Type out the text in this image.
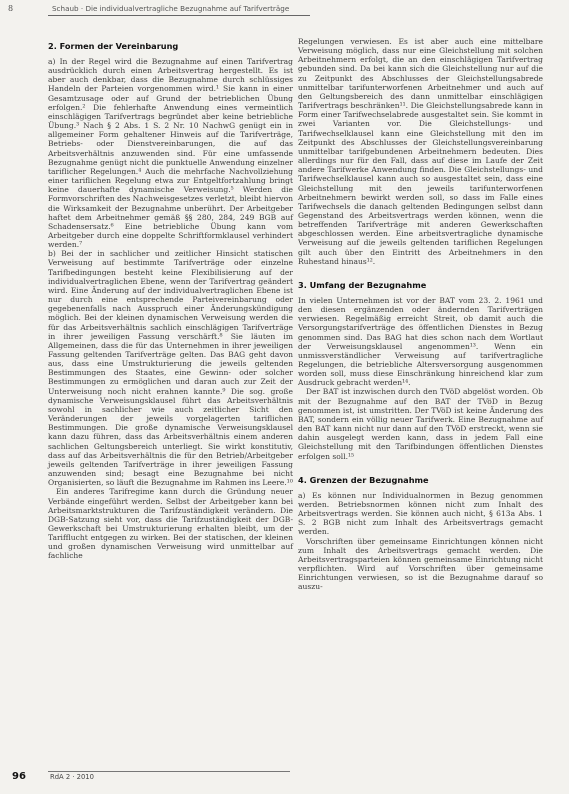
8	Schaub · Die individualvertragliche Bezugnahme auf Tarifverträge
2. Formen der Vereinbarung

a) In der Regel wird die Bezugnahme auf einen Tarifvertrag ausdrücklich durch einen Arbeitsvertrag hergestellt. Es ist aber auch denkbar, dass die Bezugnahme durch schlüssiges Handeln der Parteien vorgenommen wird.¹ Sie kann in einer Gesamtzusage oder auf Grund der betrieblichen Übung erfolgen.² Die fehlerhafte Anwendung eines vermeintlich einschlägigen Tarifvertrags begründet aber keine betriebliche Übung.³ Nach § 2 Abs. 1 S. 2 Nr. 10 NachwG genügt ein in allgemeiner Form gehaltener Hinweis auf die Tarifverträge, Betriebs- oder Dienstvereinbarungen, die auf das Arbeitsverhältnis anzuwenden sind. Für eine umfassende Bezugnahme genügt nicht die punktuelle Anwendung einzelner tariflicher Regelungen.⁴ Auch die mehrfache Nachvollziehung einer tariflichen Regelung etwa zur Entgeltfortzahlung bringt keine dauerhafte dynamische Verweisung.⁵ Werden die Formvorschriften des Nachweisgesetzes verletzt, bleibt hiervon die Wirksamkeit der Bezugnahme unberührt. Der Arbeitgeber haftet dem Arbeitnehmer gemäß §§ 280, 284, 249 BGB auf Schadensersatz.⁶ Eine betriebliche Übung kann vom Arbeitgeber durch eine doppelte Schriftformklausel verhindert werden.⁷

b) Bei der in sachlicher und zeitlicher Hinsicht statischen Verweisung auf bestimmte Tarifverträge oder einzelne Tarifbedingungen besteht keine Flexibilisierung auf der individualvertraglichen Ebene, wenn der Tarifvertrag geändert wird. Eine Änderung auf der individualvertraglichen Ebene ist nur durch eine entsprechende Parteivereinbarung oder gegebenenfalls nach Ausspruch einer Änderungskündigung möglich. Bei der kleinen dynamischen Verweisung werden die für das Arbeitsverhältnis sachlich einschlägigen Tarifverträge in ihrer jeweiligen Fassung verschärft.⁸ Sie läuten im Allgemeinen, dass die für das Unternehmen in ihrer jeweiligen Fassung geltenden Tarifverträge gelten. Das BAG geht davon aus, dass eine Umstrukturierung die jeweils geltenden Bestimmungen des Staates, eine Gewinn- oder solcher Bestimmungen zu ermöglichen und daran auch zur Zeit der Unterweisung noch nicht erahnen kannte.⁹ Die sog. große dynamische Verweisungsklausel führt das Arbeitsverhältnis sowohl in sachlicher wie auch zeitlicher Sicht den Veränderungen der jeweils vorgelagerten tariflichen Bestimmungen. Die große dynamische Verweisungsklausel kann dazu führen, dass das Arbeitsverhältnis einem anderen sachlichen Geltungsbereich unterliegt. Sie wirkt konstitutiv, dass auf das Arbeitsverhältnis die für den Betrieb/Arbeitgeber jeweils geltenden Tarifverträge in ihrer jeweiligen Fassung anzuwenden sind; besagt eine Bezugnahme bei nicht Organisierten, so läuft die Bezugnahme im Rahmen ins Leere.¹⁰

Ein anderes Tarifregime kann durch die Gründung neuer Verbände eingeführt werden. Selbst der Arbeitgeber kann bei Arbeitsmarktstrukturen die Tarifzuständigkeit verändern. Die DGB-Satzung sieht vor, dass die Tarifzuständigkeit der DGB-Gewerkschaft bei Umstrukturierung erhalten bleibt, um der Tarifflucht entgegen zu wirken. Bei der statischen, der kleinen und großen dynamischen Verweisung wird unmittelbar auf fachliche

Regelungen verwiesen. Es ist aber auch eine mittelbare Verweisung möglich, dass nur eine Gleichstellung mit solchen Arbeitnehmern erfolgt, die an den einschlägigen Tarifvertrag gebunden sind. Da bei kann sich die Gleichstellung nur auf die zu Zeitpunkt des Abschlusses der Gleichstellungsabrede unmittelbar tarifunterworfenen Arbeitnehmer und auch auf den Geltungsbereich des dann unmittelbar einschlägigen Tarifvertrags beschränken¹¹. Die Gleichstellungsabrede kann in Form einer Tarifwechselabrede ausgestaltet sein. Sie kommt in zwei Varianten vor. Die Gleichstellungs- und Tarifwechselklausel kann eine Gleichstellung mit den im Zeitpunkt des Abschlusses der Gleichstellungsvereinbarung unmittelbar tarifgebundenen Arbeitnehmern bedeuten. Dies allerdings nur für den Fall, dass auf diese im Laufe der Zeit andere Tarifwerke Anwendung finden. Die Gleichstellungs- und Tarifwechselklausel kann auch so ausgestaltet sein, dass eine Gleichstellung mit den jeweils tarifunterworfenen Arbeitnehmern bewirkt werden soll, so dass im Falle eines Tarifwechsels die danach geltenden Bedingungen selbst dann Gegenstand des Arbeitsvertrags werden können, wenn die betreffenden Tarifverträge mit anderen Gewerkschaften abgeschlossen werden. Eine arbeitsvertragliche dynamische Verweisung auf die jeweils geltenden tariflichen Regelungen gilt auch über den Eintritt des Arbeitnehmers in den Ruhestand hinaus¹².

3. Umfang der Bezugnahme

In vielen Unternehmen ist vor der BAT vom 23. 2. 1961 und den diesen ergänzenden oder ändernden Tarifverträgen verwiesen. Regelmäßig erreicht Streit, ob damit auch die Versorgungstarifverträge des öffentlichen Dienstes in Bezug genommen sind. Das BAG hat dies schon nach dem Wortlaut der Verweisungsklausel angenommen¹³. Wenn ein unmissverständlicher Verweisung auf tarifvertragliche Regelungen, die betriebliche Altersversorgung ausgenommen worden soll, muss diese Einschränkung hinreichend klar zum Ausdruck gebracht werden¹⁴.

Der BAT ist inzwischen durch den TVöD abgelöst worden. Ob mit der Bezugnahme auf den BAT der TVöD in Bezug genommen ist, ist umstritten. Der TVöD ist keine Änderung des BAT, sondern ein völlig neuer Tarifwerk. Eine Bezugnahme auf den BAT kann nicht nur dann auf den TVöD erstreckt, wenn sie dahin ausgelegt werden kann, dass in jedem Fall eine Gleichstellung mit den Tarifbindungen öffentlichen Dienstes erfolgen soll.¹⁵

4. Grenzen der Bezugnahme

a) Es können nur Individualnormen in Bezug genommen werden. Betriebsnormen können nicht zum Inhalt des Arbeitsvertrags werden. Sie können auch nicht, § 613a Abs. 1 S. 2 BGB nicht zum Inhalt des Arbeitsvertrags gemacht werden.

Vorschriften über gemeinsame Einrichtungen können nicht zum Inhalt des Arbeitsvertrags gemacht werden. Die Arbeitsvertragsparteien können gemeinsame Einrichtung nicht verpflichten. Wird auf Vorschriften über gemeinsame Einrichtungen verwiesen, so ist die Bezugnahme darauf so auszu-

96	RdA 2 · 2010
